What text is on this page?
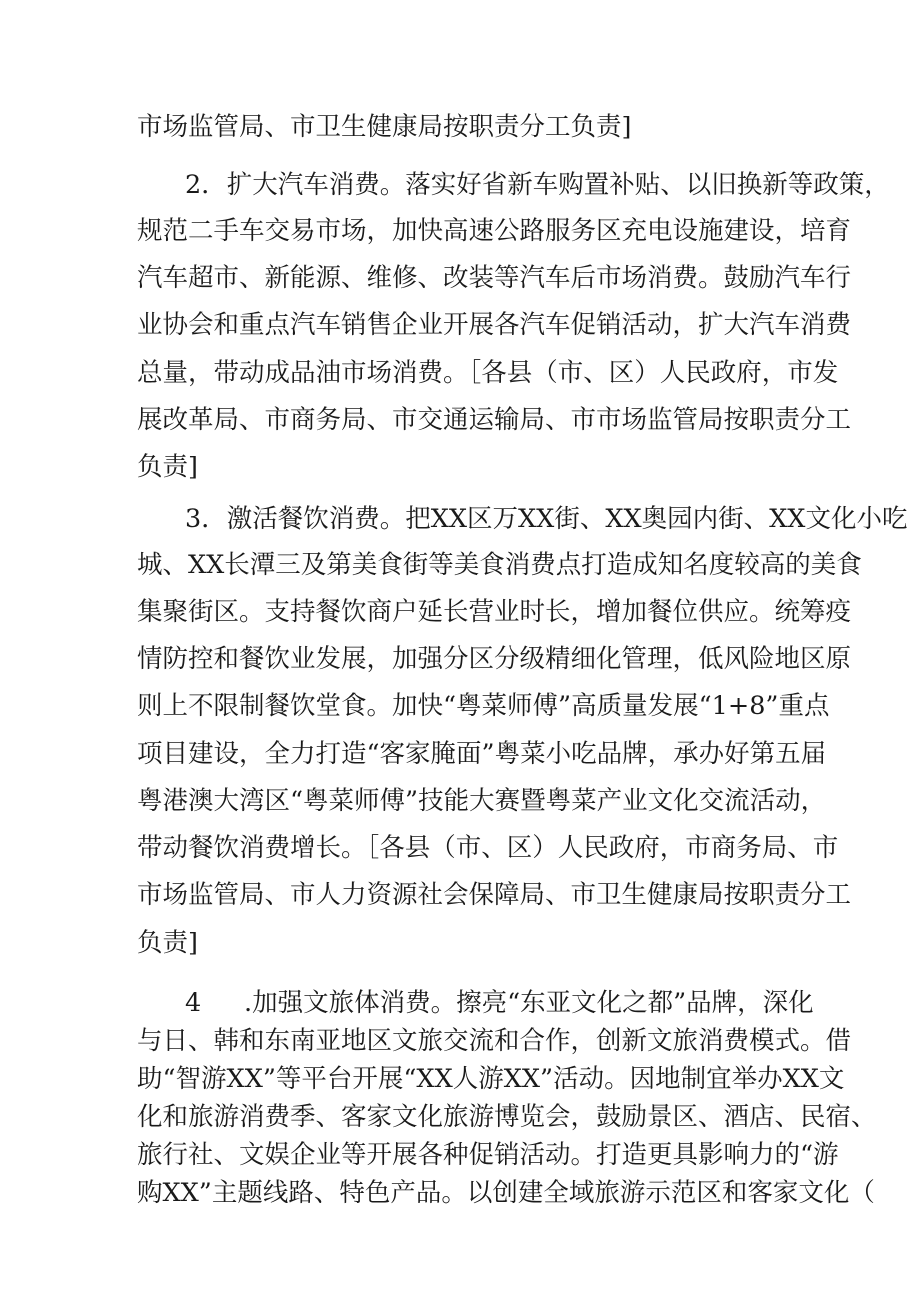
市场监管局、市卫生健康局按职责分工负责]
2．扩大汽车消费。落实好省新车购置补贴、以旧换新等政策，
规范二手车交易市场，加快高速公路服务区充电设施建设，培育
汽车超市、新能源、维修、改装等汽车后市场消费。鼓励汽车行
业协会和重点汽车销售企业开展各汽车促销活动，扩大汽车消费
总量，带动成品油市场消费。［各县（市、区）人民政府，市发
展改革局、市商务局、市交通运输局、市市场监管局按职责分工
负责]
3．激活餐饮消费。把XX区万XX街、XX奥园内街、XX文化小吃
城、XX长潭三及第美食街等美食消费点打造成知名度较高的美食
集聚街区。支持餐饮商户延长营业时长，增加餐位供应。统筹疫
情防控和餐饮业发展，加强分区分级精细化管理，低风险地区原
则上不限制餐饮堂食。加快“粤菜师傅”高质量发展“1+8”重点
项目建设，全力打造“客家腌面”粤菜小吃品牌，承办好第五届
粤港澳大湾区“粤菜师傅”技能大赛暨粤菜产业文化交流活动，
带动餐饮消费增长。［各县（市、区）人民政府，市商务局、市
市场监管局、市人力资源社会保障局、市卫生健康局按职责分工
负责]
4	.加强文旅体消费。擦亮“东亚文化之都”品牌，深化
与日、韩和东南亚地区文旅交流和合作，创新文旅消费模式。借
助“智游XX”等平台开展“XX人游XX”活动。因地制宜举办XX文
化和旅游消费季、客家文化旅游博览会，鼓励景区、酒店、民宿、
旅行社、文娱企业等开展各种促销活动。打造更具影响力的“游
购XX”主题线路、特色产品。以创建全域旅游示范区和客家文化（
